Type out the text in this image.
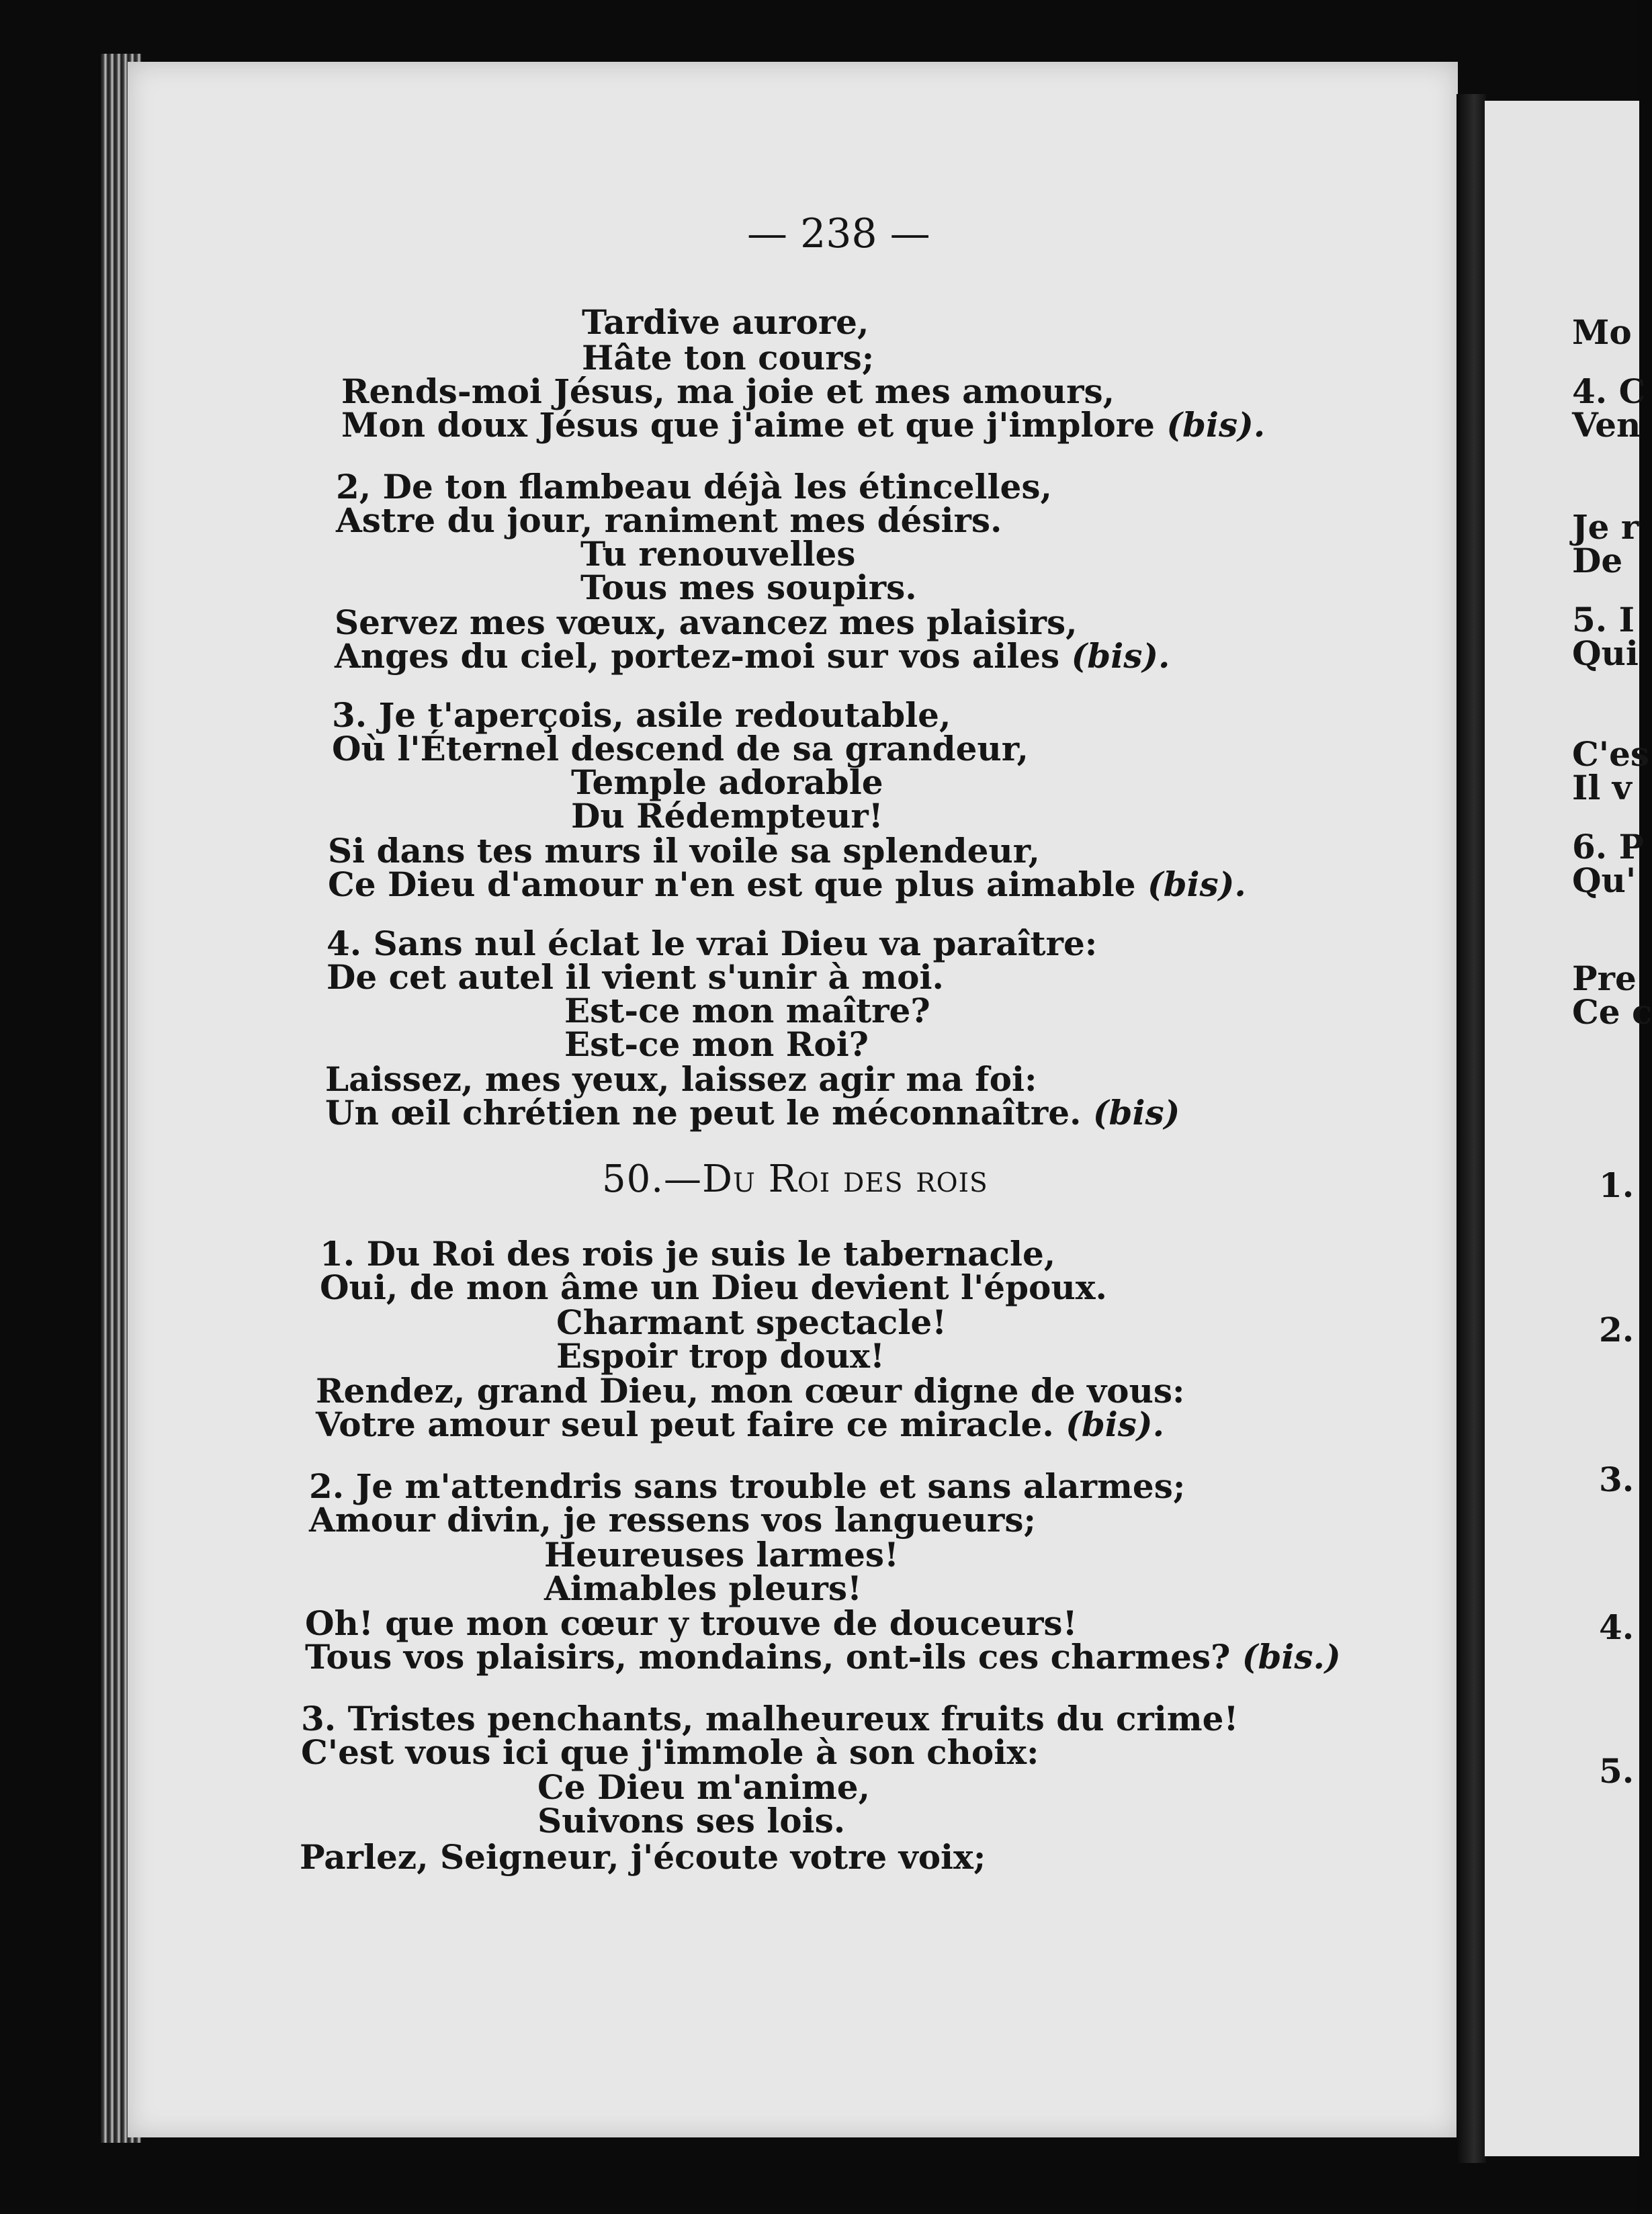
— 238 —
Tardive aurore,
Hâte ton cours;
Rends-moi Jésus, ma joie et mes amours,
Mon doux Jésus que j'aime et que j'implore (bis).
2, De ton flambeau déjà les étincelles,
Astre du jour, raniment mes désirs.
Tu renouvelles
Tous mes soupirs.
Servez mes vœux, avancez mes plaisirs,
Anges du ciel, portez-moi sur vos ailes (bis).
3. Je t'aperçois, asile redoutable,
Où l'Éternel descend de sa grandeur,
Temple adorable
Du Rédempteur!
Si dans tes murs il voile sa splendeur,
Ce Dieu d'amour n'en est que plus aimable (bis).
4. Sans nul éclat le vrai Dieu va paraître:
De cet autel il vient s'unir à moi.
Est-ce mon maître?
Est-ce mon Roi?
Laissez, mes yeux, laissez agir ma foi:
Un œil chrétien ne peut le méconnaître. (bis)
50.—Du Roi des rois
1. Du Roi des rois je suis le tabernacle,
Oui, de mon âme un Dieu devient l'époux.
Charmant spectacle!
Espoir trop doux!
Rendez, grand Dieu, mon cœur digne de vous:
Votre amour seul peut faire ce miracle. (bis).
2. Je m'attendris sans trouble et sans alarmes;
Amour divin, je ressens vos langueurs;
Heureuses larmes!
Aimables pleurs!
Oh! que mon cœur y trouve de douceurs!
Tous vos plaisirs, mondains, ont-ils ces charmes? (bis.)
3. Tristes penchants, malheureux fruits du crime!
C'est vous ici que j'immole à son choix:
Ce Dieu m'anime,
Suivons ses lois.
Parlez, Seigneur, j'écoute votre voix;
Mo
4. C
Ven
Je r
De
5. I
Qui
C'es
Il v
6. P
Qu'
Pre
Ce c
1.
2.
3.
4.
5.
